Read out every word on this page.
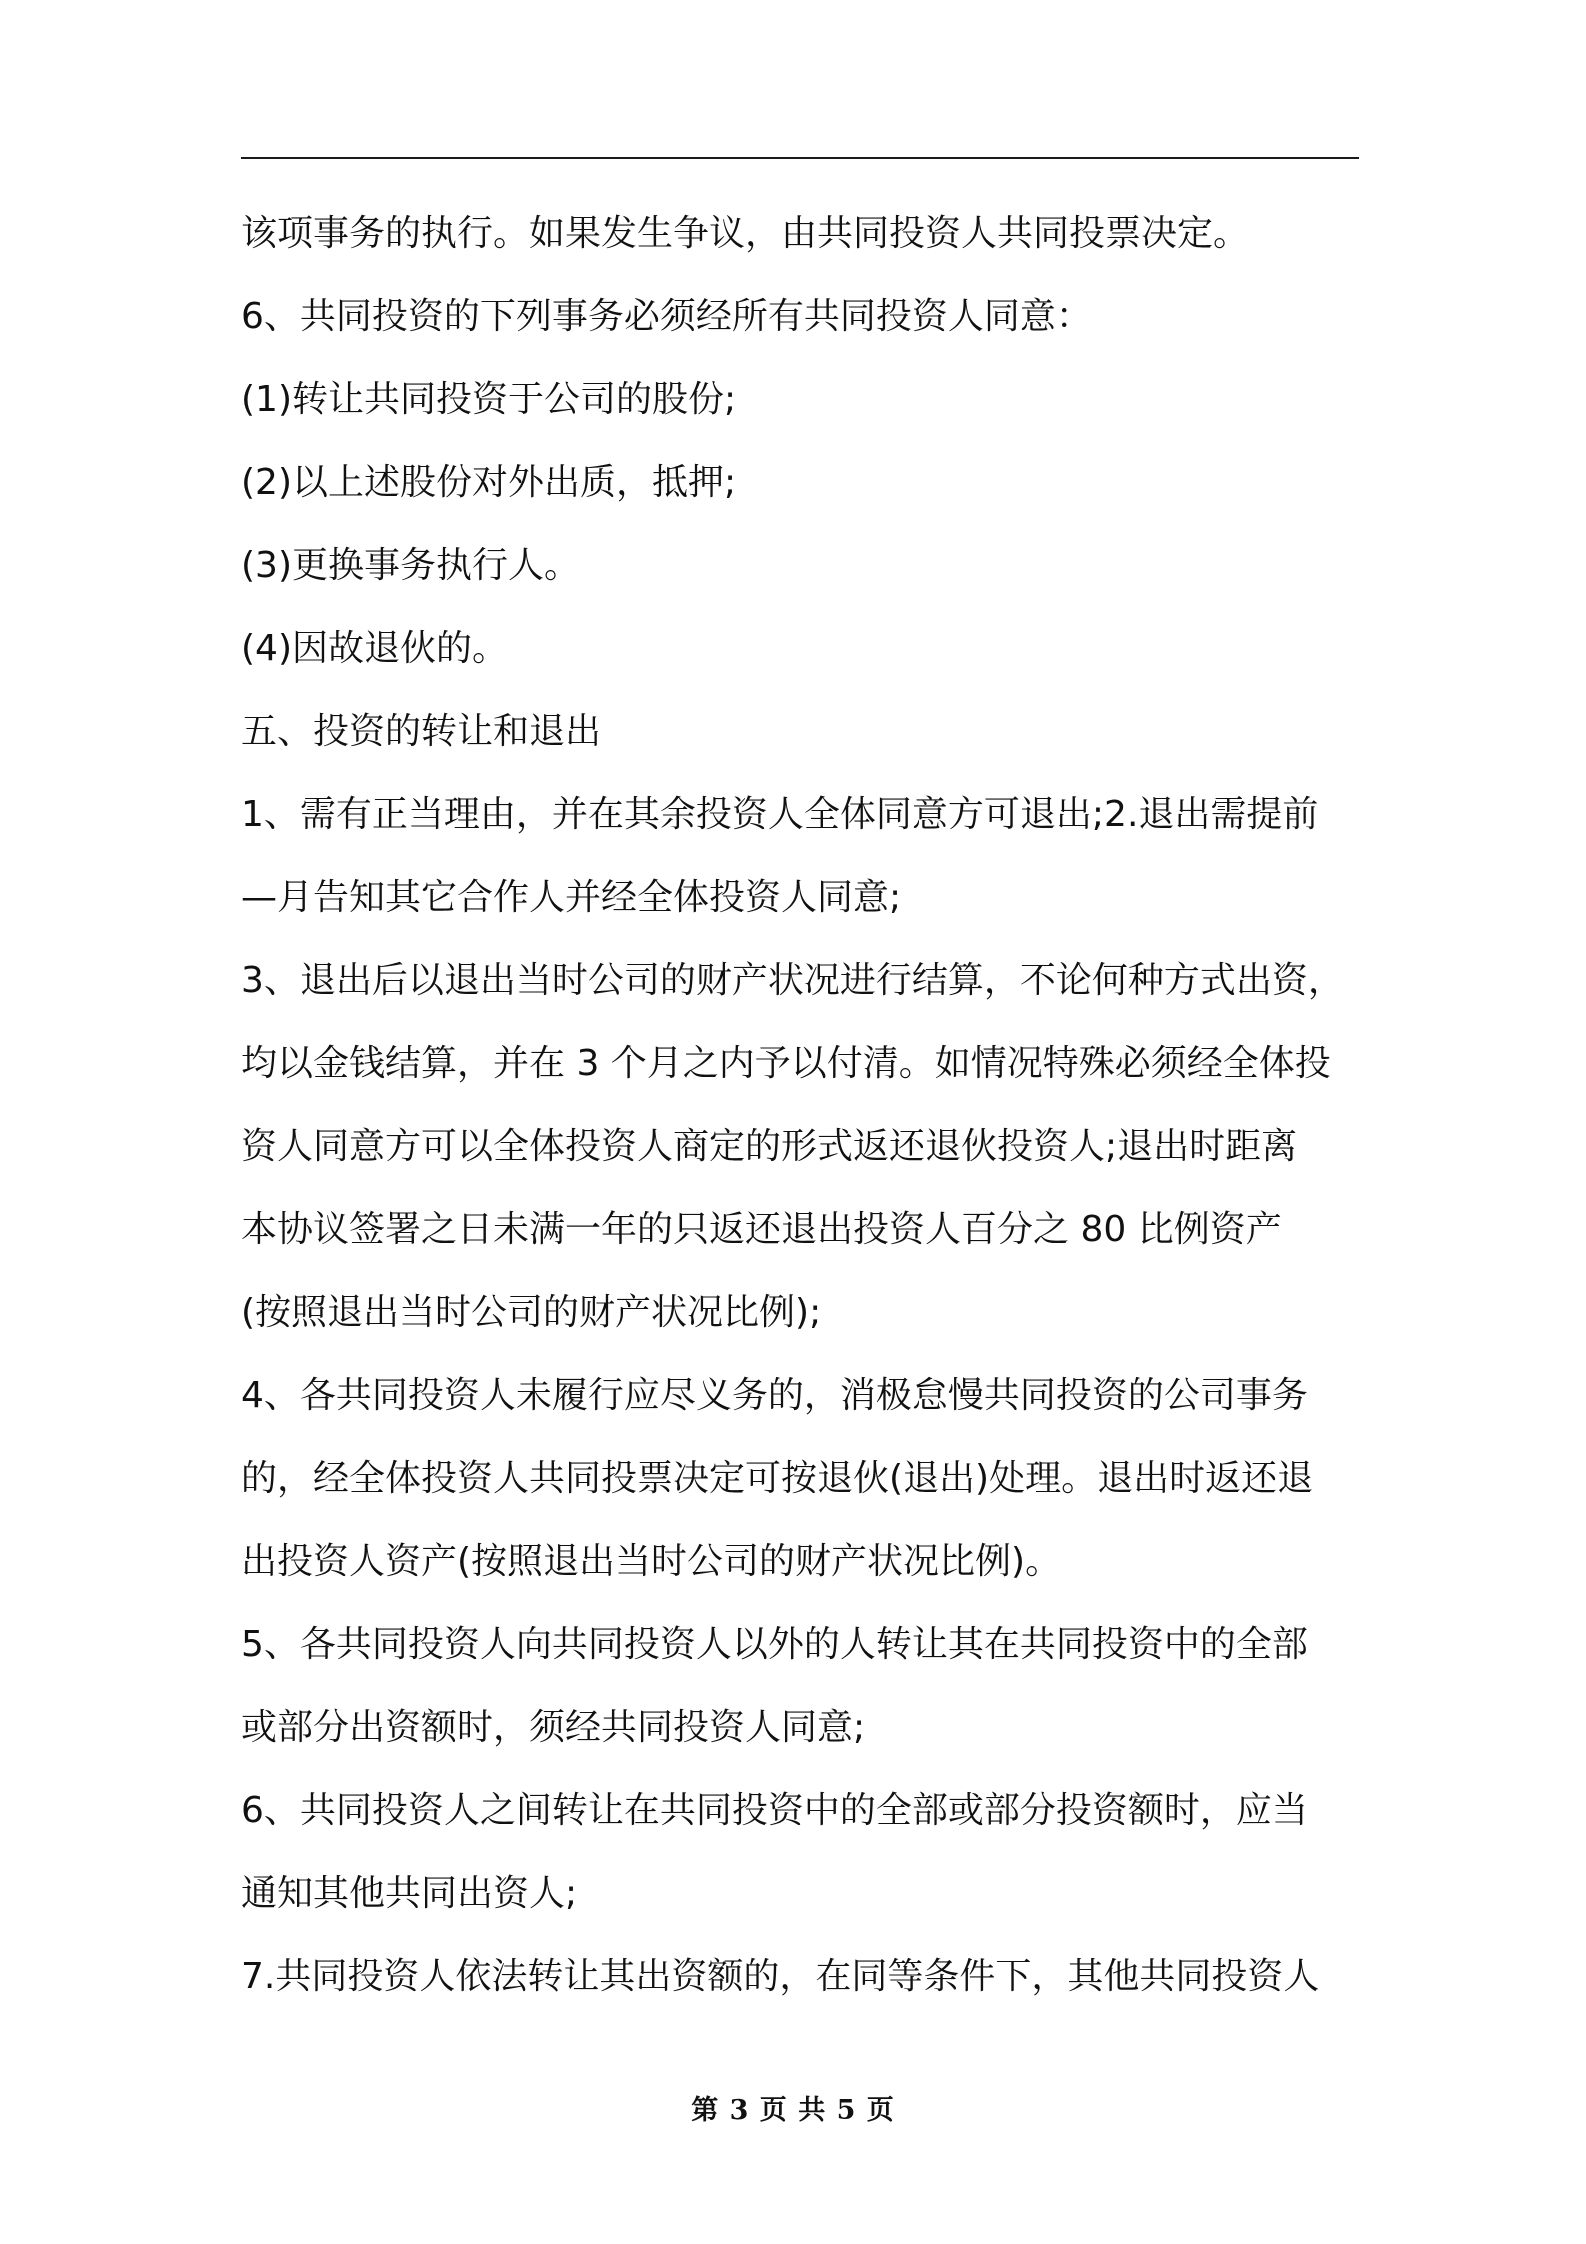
该项事务的执行。如果发生争议，由共同投资人共同投票决定。
6、共同投资的下列事务必须经所有共同投资人同意：
(1)转让共同投资于公司的股份;
(2)以上述股份对外出质，抵押;
(3)更换事务执行人。
(4)因故退伙的。
五、投资的转让和退出
1、需有正当理由，并在其余投资人全体同意方可退出;2.退出需提前
—月告知其它合作人并经全体投资人同意;
3、退出后以退出当时公司的财产状况进行结算，不论何种方式出资，
均以金钱结算，并在 3 个月之内予以付清。如情况特殊必须经全体投
资人同意方可以全体投资人商定的形式返还退伙投资人;退出时距离
本协议签署之日未满一年的只返还退出投资人百分之 80 比例资产
(按照退出当时公司的财产状况比例);
4、各共同投资人未履行应尽义务的，消极怠慢共同投资的公司事务
的，经全体投资人共同投票决定可按退伙(退出)处理。退出时返还退
出投资人资产(按照退出当时公司的财产状况比例)。
5、各共同投资人向共同投资人以外的人转让其在共同投资中的全部
或部分出资额时，须经共同投资人同意;
6、共同投资人之间转让在共同投资中的全部或部分投资额时，应当
通知其他共同出资人;
7.共同投资人依法转让其出资额的，在同等条件下，其他共同投资人
第 3 页 共 5 页
